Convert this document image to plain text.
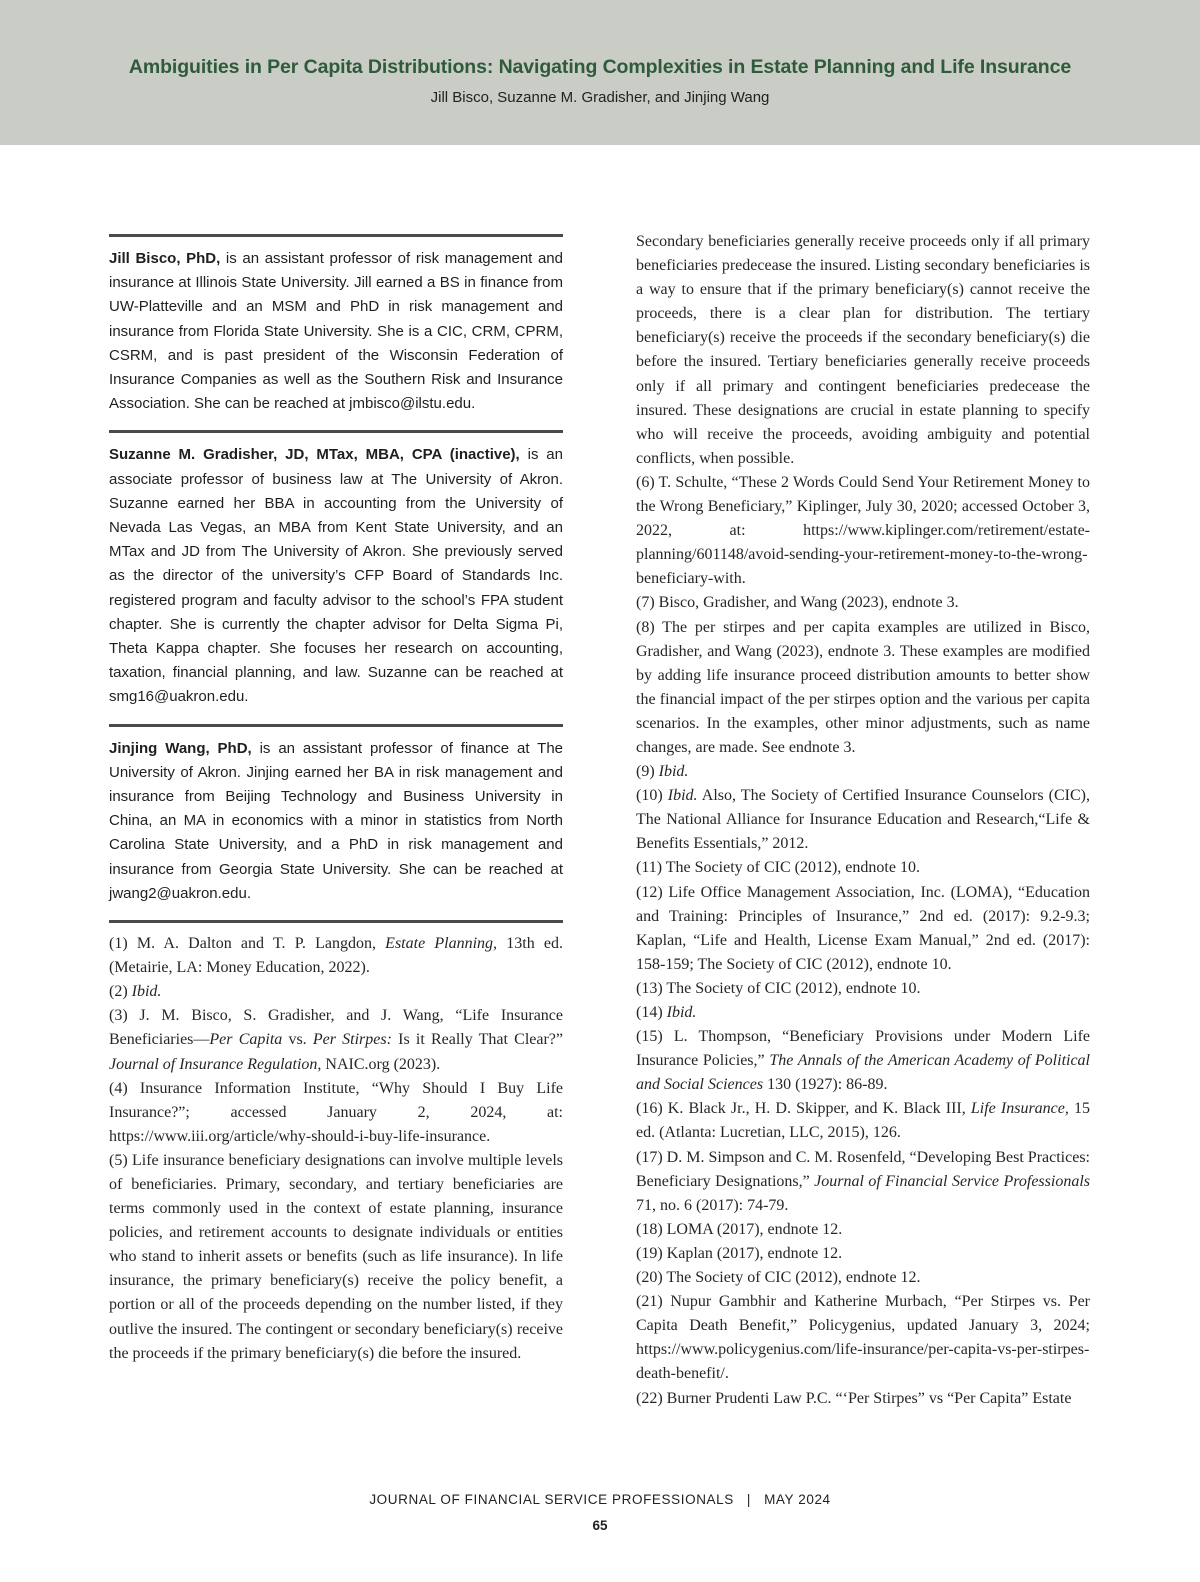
Ambiguities in Per Capita Distributions: Navigating Complexities in Estate Planning and Life Insurance
Jill Bisco, Suzanne M. Gradisher, and Jinjing Wang
Jill Bisco, PhD, is an assistant professor of risk management and insurance at Illinois State University. Jill earned a BS in finance from UW-Platteville and an MSM and PhD in risk management and insurance from Florida State University. She is a CIC, CRM, CPRM, CSRM, and is past president of the Wisconsin Federation of Insurance Companies as well as the Southern Risk and Insurance Association. She can be reached at jmbisco@ilstu.edu.
Suzanne M. Gradisher, JD, MTax, MBA, CPA (inactive), is an associate professor of business law at The University of Akron. Suzanne earned her BBA in accounting from the University of Nevada Las Vegas, an MBA from Kent State University, and an MTax and JD from The University of Akron. She previously served as the director of the university’s CFP Board of Standards Inc. registered program and faculty advisor to the school’s FPA student chapter. She is currently the chapter advisor for Delta Sigma Pi, Theta Kappa chapter. She focuses her research on accounting, taxation, financial planning, and law. Suzanne can be reached at smg16@uakron.edu.
Jinjing Wang, PhD, is an assistant professor of finance at The University of Akron. Jinjing earned her BA in risk management and insurance from Beijing Technology and Business University in China, an MA in economics with a minor in statistics from North Carolina State University, and a PhD in risk management and insurance from Georgia State University. She can be reached at jwang2@uakron.edu.

(1) M. A. Dalton and T. P. Langdon, Estate Planning, 13th ed. (Metairie, LA: Money Education, 2022).

(2) Ibid.

(3) J. M. Bisco, S. Gradisher, and J. Wang, “Life Insurance Beneficiaries—Per Capita vs. Per Stirpes: Is it Really That Clear?” Journal of Insurance Regulation, NAIC.org (2023).

(4) Insurance Information Institute, “Why Should I Buy Life Insurance?”; accessed January 2, 2024, at: https://www.iii.org/article/why-should-i-buy-life-insurance.

(5) Life insurance beneficiary designations can involve multiple levels of beneficiaries. Primary, secondary, and tertiary beneficiaries are terms commonly used in the context of estate planning, insurance policies, and retirement accounts to designate individuals or entities who stand to inherit assets or benefits (such as life insurance). In life insurance, the primary beneficiary(s) receive the policy benefit, a portion or all of the proceeds depending on the number listed, if they outlive the insured. The contingent or secondary beneficiary(s) receive the proceeds if the primary beneficiary(s) die before the insured.

Secondary beneficiaries generally receive proceeds only if all primary beneficiaries predecease the insured. Listing secondary beneficiaries is a way to ensure that if the primary beneficiary(s) cannot receive the proceeds, there is a clear plan for distribution. The tertiary beneficiary(s) receive the proceeds if the secondary beneficiary(s) die before the insured. Tertiary beneficiaries generally receive proceeds only if all primary and contingent beneficiaries predecease the insured. These designations are crucial in estate planning to specify who will receive the proceeds, avoiding ambiguity and potential conflicts, when possible.

(6) T. Schulte, “These 2 Words Could Send Your Retirement Money to the Wrong Beneficiary,” Kiplinger, July 30, 2020; accessed October 3, 2022, at: https://www.kiplinger.com/retirement/estate-planning/601148/avoid-sending-your-retirement-money-to-the-wrong-beneficiary-with.

(7) Bisco, Gradisher, and Wang (2023), endnote 3.

(8) The per stirpes and per capita examples are utilized in Bisco, Gradisher, and Wang (2023), endnote 3. These examples are modified by adding life insurance proceed distribution amounts to better show the financial impact of the per stirpes option and the various per capita scenarios. In the examples, other minor adjustments, such as name changes, are made. See endnote 3.

(9) Ibid.

(10) Ibid. Also, The Society of Certified Insurance Counselors (CIC), The National Alliance for Insurance Education and Research,“Life & Benefits Essentials,” 2012.

(11) The Society of CIC (2012), endnote 10.

(12) Life Office Management Association, Inc. (LOMA), “Education and Training: Principles of Insurance,” 2nd ed. (2017): 9.2-9.3; Kaplan, “Life and Health, License Exam Manual,” 2nd ed. (2017): 158-159; The Society of CIC (2012), endnote 10.

(13) The Society of CIC (2012), endnote 10.

(14) Ibid.

(15) L. Thompson, “Beneficiary Provisions under Modern Life Insurance Policies,” The Annals of the American Academy of Political and Social Sciences 130 (1927): 86-89.

(16) K. Black Jr., H. D. Skipper, and K. Black III, Life Insurance, 15 ed. (Atlanta: Lucretian, LLC, 2015), 126.

(17) D. M. Simpson and C. M. Rosenfeld, “Developing Best Practices: Beneficiary Designations,” Journal of Financial Service Professionals 71, no. 6 (2017): 74-79.

(18) LOMA (2017), endnote 12.

(19) Kaplan (2017), endnote 12.

(20) The Society of CIC (2012), endnote 12.

(21) Nupur Gambhir and Katherine Murbach, “Per Stirpes vs. Per Capita Death Benefit,” Policygenius, updated January 3, 2024; https://www.policygenius.com/life-insurance/per-capita-vs-per-stirpes-death-benefit/.

(22) Burner Prudenti Law P.C. “‘Per Stirpes” vs “Per Capita” Estate

JOURNAL OF FINANCIAL SERVICE PROFESSIONALS   |   MAY 2024
65
